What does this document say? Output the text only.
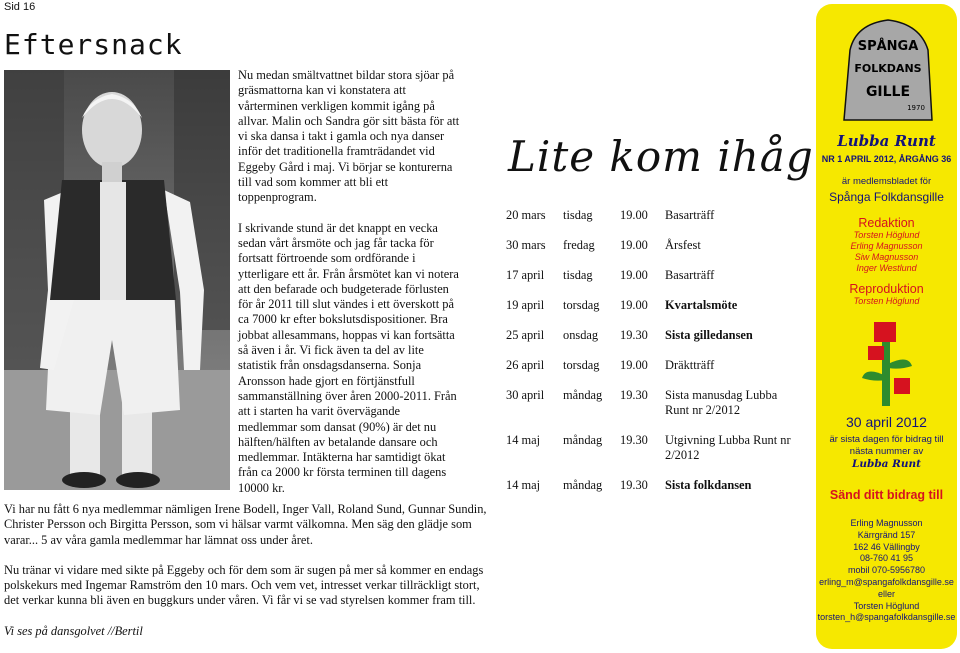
Sid 16
Eftersnack

Nu medan smältvattnet bildar stora sjöar på gräsmattorna kan vi konstatera att vårterminen verkligen kommit igång på allvar. Malin och Sandra gör sitt bästa för att vi ska dansa i takt i gamla och nya danser inför det traditionella framträdandet vid Eggeby Gård i maj. Vi börjar se konturerna till vad som kommer att bli ett toppenprogram.

I skrivande stund är det knappt en vecka sedan vårt årsmöte och jag får tacka för fortsatt förtroende som ordförande i ytterligare ett år. Från årsmötet kan vi notera att den befarade och budgeterade förlusten för år 2011 till slut vändes i ett överskott på ca 7000 kr efter bokslutsdispositioner. Bra jobbat allesammans, hoppas vi kan fortsätta så även i år. Vi fick även ta del av lite statistik från onsdagsdanserna. Sonja Aronsson hade gjort en förtjänstfull sammanställning över åren 2000-2011. Från att i starten ha varit övervägande medlemmar som dansat (90%) är det nu hälften/hälften av betalande dansare och medlemmar. Intäkterna har samtidigt ökat från ca 2000 kr första terminen till dagens 10000 kr.

Lite kom ihåg
20 mars	tisdag	19.00	Basarträff
30 mars	fredag	19.00	Årsfest
17 april	tisdag	19.00	Basarträff
19 april	torsdag	19.00	Kvartalsmöte
25 april	onsdag	19.30	Sista gilledansen
26 april	torsdag	19.00	Dräktträff
30 april	måndag	19.30	Sista manusdag Lubba Runt nr 2/2012
14 maj	måndag	19.30	Utgivning Lubba Runt nr 2/2012
14 maj	måndag	19.30	Sista folkdansen

Vi har nu fått 6 nya medlemmar nämligen Irene Bodell, Inger Vall, Roland Sund, Gunnar Sundin, Christer Persson och Birgitta Persson, som vi hälsar varmt välkomna. Men säg den glädje som varar... 5 av våra gamla medlemmar har lämnat oss under året.

Nu tränar vi vidare med sikte på Eggeby och för dem som är sugen på mer så kommer en endags polskekurs med Ingemar Ramström den 10 mars. Och vem vet, intresset verkar tillräckligt stort, det verkar kunna bli även en buggkurs under våren. Vi får vi se vad styrelsen kommer fram till.

Vi ses på dansgolvet //Bertil

SPÅNGA
FOLKDANS
GILLE
1970
Lubba Runt
NR 1 APRIL 2012, ÅRGÅNG 36
är medlemsbladet för
Spånga Folkdansgille
Redaktion
Torsten Höglund
Erling Magnusson
Siw Magnusson
Inger Westlund
Reproduktion
Torsten Höglund
30 april 2012
är sista dagen för bidrag till
nästa nummer av
Lubba Runt
Sänd ditt bidrag till
Erling Magnusson
Kärrgränd 157
162 46 Vällingby
08-760 41 95
mobil 070-5956780
erling_m@spangafolkdansgille.se
eller
Torsten Höglund
torsten_h@spangafolkdansgille.se
